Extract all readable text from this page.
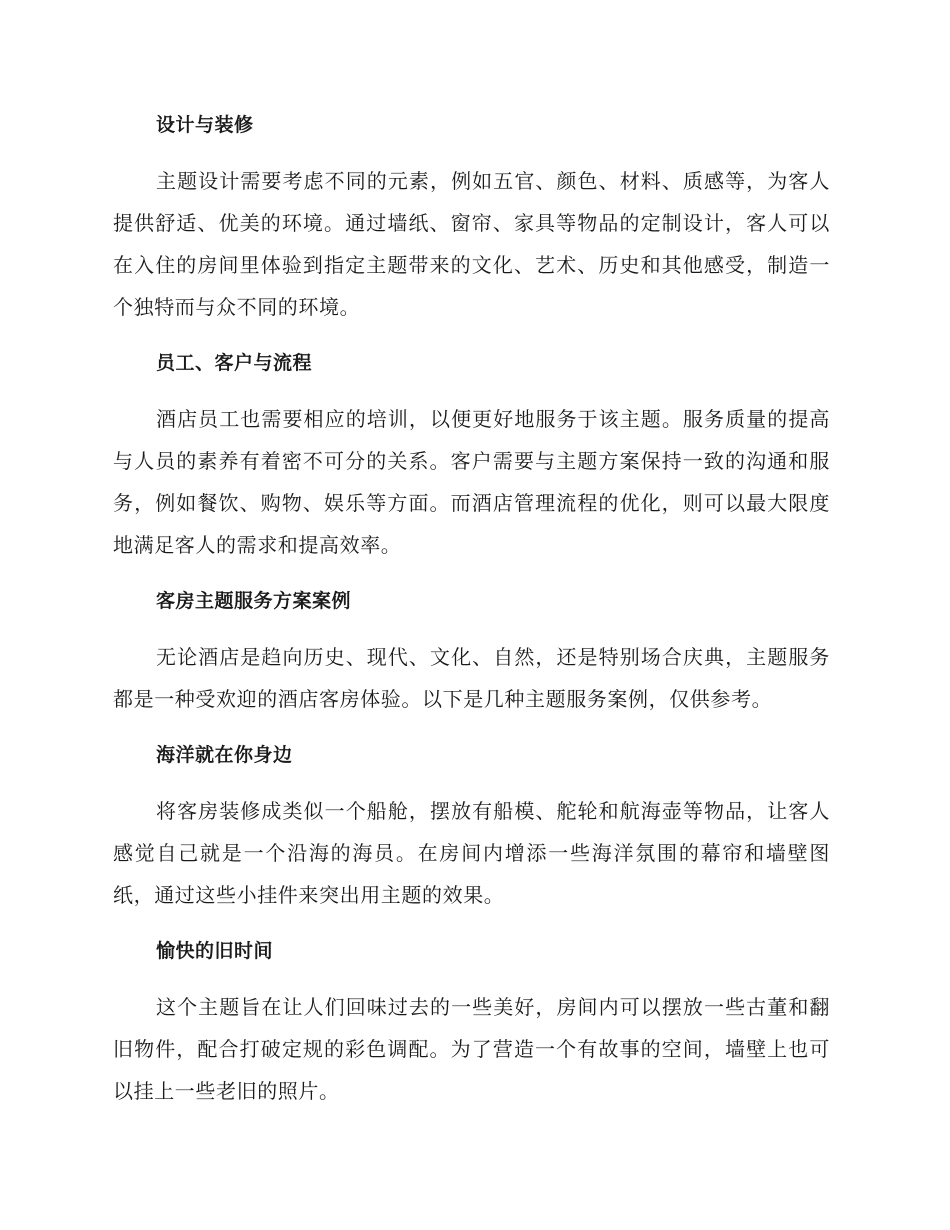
设计与装修

主题设计需要考虑不同的元素，例如五官、颜色、材料、质感等，为客人提供舒适、优美的环境。通过墙纸、窗帘、家具等物品的定制设计，客人可以在入住的房间里体验到指定主题带来的文化、艺术、历史和其他感受，制造一个独特而与众不同的环境。

员工、客户与流程

酒店员工也需要相应的培训，以便更好地服务于该主题。服务质量的提高与人员的素养有着密不可分的关系。客户需要与主题方案保持一致的沟通和服务，例如餐饮、购物、娱乐等方面。而酒店管理流程的优化，则可以最大限度地满足客人的需求和提高效率。

客房主题服务方案案例

无论酒店是趋向历史、现代、文化、自然，还是特别场合庆典，主题服务都是一种受欢迎的酒店客房体验。以下是几种主题服务案例，仅供参考。

海洋就在你身边

将客房装修成类似一个船舱，摆放有船模、舵轮和航海壶等物品，让客人感觉自己就是一个沿海的海员。在房间内增添一些海洋氛围的幕帘和墙壁图纸，通过这些小挂件来突出用主题的效果。

愉快的旧时间

这个主题旨在让人们回味过去的一些美好，房间内可以摆放一些古董和翻旧物件，配合打破定规的彩色调配。为了营造一个有故事的空间，墙壁上也可以挂上一些老旧的照片。
